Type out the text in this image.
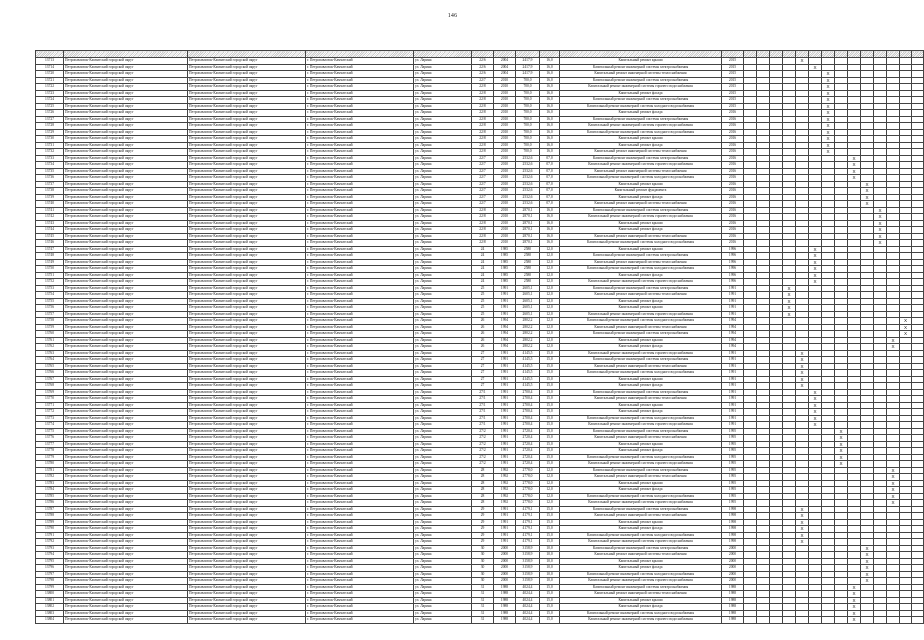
146

13713	Петропавловск-Камчатский городской округ	Петропавловск-Камчатский городской округ	г. Петропавловск-Камчатский	ул. Ларина	22/6	2004	2417,9	16,0	Капитальный ремонт крыши	2015					X									
13714	Петропавловск-Камчатский городской округ	Петропавловск-Камчатский городской округ	г. Петропавловск-Камчатский	ул. Ларина	22/6	2004	2417,9	16,0	Капитальный ремонт инженерной системы электроснабжения	2015						X								
13720	Петропавловск-Камчатский городской округ	Петропавловск-Камчатский городской округ	г. Петропавловск-Камчатский	ул. Ларина	22/6	2004	2417,9	16,0	Капитальный ремонт инженерной системы теплоснабжения	2015							X							
13721	Петропавловск-Камчатский городской округ	Петропавловск-Камчатский городской округ	г. Петропавловск-Камчатский	ул. Ларина	22/7	2010	700,0	16,0	Капитальный ремонт инженерной системы электроснабжения	2015							X							
13722	Петропавловск-Камчатский городской округ	Петропавловск-Камчатский городской округ	г. Петропавловск-Камчатский	ул. Ларина	22/8	2010	700,0	16,0	Капитальный ремонт инженерной системы горячего водоснабжения	2015							X							
13723	Петропавловск-Камчатский городской округ	Петропавловск-Камчатский городской округ	г. Петропавловск-Камчатский	ул. Ларина	22/8	2010	700,0	16,0	Капитальный ремонт фасада	2015							X							
13724	Петропавловск-Камчатский городской округ	Петропавловск-Камчатский городской округ	г. Петропавловск-Камчатский	ул. Ларина	22/8	2010	700,0	16,0	Капитальный ремонт инженерной системы электроснабжения	2015							X							
13725	Петропавловск-Камчатский городской округ	Петропавловск-Камчатский городской округ	г. Петропавловск-Камчатский	ул. Ларина	22/8	2010	700,0	16,0	Капитальный ремонт инженерной системы холодного водоснабжения	2015							X							
13726	Петропавловск-Камчатский городской округ	Петропавловск-Камчатский городской округ	г. Петропавловск-Камчатский	ул. Ларина	22/8	2010	700,0	16,0	Капитальный ремонт фасада	2016							X							
13727	Петропавловск-Камчатский городской округ	Петропавловск-Камчатский городской округ	г. Петропавловск-Камчатский	ул. Ларина	22/8	2010	700,0	16,0	Капитальный ремонт инженерной системы электроснабжения	2016							X							
13728	Петропавловск-Камчатский городской округ	Петропавловск-Камчатский городской округ	г. Петропавловск-Камчатский	ул. Ларина	22/8	2010	700,0	16,0	Капитальный ремонт инженерной системы горячего водоснабжения	2016							X							
13729	Петропавловск-Камчатский городской округ	Петропавловск-Камчатский городской округ	г. Петропавловск-Камчатский	ул. Ларина	22/8	2010	700,0	16,0	Капитальный ремонт инженерной системы холодного водоснабжения	2016							X							
13730	Петропавловск-Камчатский городской округ	Петропавловск-Камчатский городской округ	г. Петропавловск-Камчатский	ул. Ларина	22/8	2010	700,0	16,0	Капитальный ремонт крыши	2016							X							
13731	Петропавловск-Камчатский городской округ	Петропавловск-Камчатский городской округ	г. Петропавловск-Камчатский	ул. Ларина	22/8	2010	700,0	16,0	Капитальный ремонт фасада	2016							X							
13732	Петропавловск-Камчатский городской округ	Петропавловск-Камчатский городской округ	г. Петропавловск-Камчатский	ул. Ларина	22/8	2010	700,0	16,0	Капитальный ремонт инженерной системы теплоснабжения	2016							X							
13733	Петропавловск-Камчатский городской округ	Петропавловск-Камчатский городской округ	г. Петропавловск-Камчатский	ул. Ларина	22/7	2010	2532,6	07,0	Капитальный ремонт инженерной системы электроснабжения	2016									X					
13734	Петропавловск-Камчатский городской округ	Петропавловск-Камчатский городской округ	г. Петропавловск-Камчатский	ул. Ларина	22/7	2010	2532,6	07,0	Капитальный ремонт инженерной системы горячего водоснабжения	2016									X					
13735	Петропавловск-Камчатский городской округ	Петропавловск-Камчатский городской округ	г. Петропавловск-Камчатский	ул. Ларина	22/7	2010	2532,6	07,0	Капитальный ремонт инженерной системы теплоснабжения	2016									X					
13736	Петропавловск-Камчатский городской округ	Петропавловск-Камчатский городской округ	г. Петропавловск-Камчатский	ул. Ларина	22/7	2010	2532,6	07,0	Капитальный ремонт инженерной системы холодного водоснабжения	2016									X					
13737	Петропавловск-Камчатский городской округ	Петропавловск-Камчатский городской округ	г. Петропавловск-Камчатский	ул. Ларина	22/7	2010	2532,6	07,0	Капитальный ремонт крыши	2016										X				
13738	Петропавловск-Камчатский городской округ	Петропавловск-Камчатский городской округ	г. Петропавловск-Камчатский	ул. Ларина	22/7	2010	2532,6	07,0	Капитальный ремонт фундамента	2016										X				
13739	Петропавловск-Камчатский городской округ	Петропавловск-Камчатский городской округ	г. Петропавловск-Камчатский	ул. Ларина	22/7	2010	2532,6	07,0	Капитальный ремонт фасада	2016										X				
13740	Петропавловск-Камчатский городской округ	Петропавловск-Камчатский городской округ	г. Петропавловск-Камчатский	ул. Ларина	22/7	2010	2532,6	07,0	Капитальный ремонт инженерной системы теплоснабжения	2016										X				
13741	Петропавловск-Камчатский городской округ	Петропавловск-Камчатский городской округ	г. Петропавловск-Камчатский	ул. Ларина	22/8	2010	2870,1	16,0	Капитальный ремонт инженерной системы электроснабжения	2016											X			
13742	Петропавловск-Камчатский городской округ	Петропавловск-Камчатский городской округ	г. Петропавловск-Камчатский	ул. Ларина	22/8	2010	2870,1	16,0	Капитальный ремонт инженерной системы горячего водоснабжения	2016											X			
13743	Петропавловск-Камчатский городской округ	Петропавловск-Камчатский городской округ	г. Петропавловск-Камчатский	ул. Ларина	22/8	2010	2870,1	16,0	Капитальный ремонт крыши	2016											X			
13744	Петропавловск-Камчатский городской округ	Петропавловск-Камчатский городской округ	г. Петропавловск-Камчатский	ул. Ларина	22/8	2010	2870,1	16,0	Капитальный ремонт фасада	2016											X			
13745	Петропавловск-Камчатский городской округ	Петропавловск-Камчатский городской округ	г. Петропавловск-Камчатский	ул. Ларина	22/8	2010	2870,1	16,0	Капитальный ремонт инженерной системы теплоснабжения	2016											X			
13746	Петропавловск-Камчатский городской округ	Петропавловск-Камчатский городской округ	г. Петропавловск-Камчатский	ул. Ларина	22/8	2010	2870,1	16,0	Капитальный ремонт инженерной системы холодного водоснабжения	2016											X			
13747	Петропавловск-Камчатский городской округ	Петропавловск-Камчатский городской округ	г. Петропавловск-Камчатский	ул. Ларина	24	1985	2580	12,0	Капитальный ремонт крыши	1996						X								
13748	Петропавловск-Камчатский городской округ	Петропавловск-Камчатский городской округ	г. Петропавловск-Камчатский	ул. Ларина	24	1985	2580	12,0	Капитальный ремонт инженерной системы электроснабжения	1996						X								
13749	Петропавловск-Камчатский городской округ	Петропавловск-Камчатский городской округ	г. Петропавловск-Камчатский	ул. Ларина	24	1985	2580	12,0	Капитальный ремонт инженерной системы теплоснабжения	1996						X								
13750	Петропавловск-Камчатский городской округ	Петропавловск-Камчатский городской округ	г. Петропавловск-Камчатский	ул. Ларина	24	1985	2580	12,0	Капитальный ремонт инженерной системы холодного водоснабжения	1996						X								
13751	Петропавловск-Камчатский городской округ	Петропавловск-Камчатский городской округ	г. Петропавловск-Камчатский	ул. Ларина	24	1985	2580	12,0	Капитальный ремонт фасада	1996						X								
13752	Петропавловск-Камчатский городской округ	Петропавловск-Камчатский городской округ	г. Петропавловск-Камчатский	ул. Ларина	24	1985	2580	12,0	Капитальный ремонт инженерной системы горячего водоснабжения	1996						X								
13753	Петропавловск-Камчатский городской округ	Петропавловск-Камчатский городской округ	г. Петропавловск-Камчатский	ул. Ларина	25	1991	2605,1	12,0	Капитальный ремонт инженерной системы электроснабжения	1991				X										
13754	Петропавловск-Камчатский городской округ	Петропавловск-Камчатский городской округ	г. Петропавловск-Камчатский	ул. Ларина	25	1991	2605,1	12,0	Капитальный ремонт инженерной системы теплоснабжения	1991				X										
13755	Петропавловск-Камчатский городской округ	Петропавловск-Камчатский городской округ	г. Петропавловск-Камчатский	ул. Ларина	25	1991	2605,1	12,0	Капитальный ремонт фасада	1991				X										
13756	Петропавловск-Камчатский городской округ	Петропавловск-Камчатский городской округ	г. Петропавловск-Камчатский	ул. Ларина	25	1991	2605,1	12,0	Капитальный ремонт крыши	1991				X										
13757	Петропавловск-Камчатский городской округ	Петропавловск-Камчатский городской округ	г. Петропавловск-Камчатский	ул. Ларина	25	1991	2605,1	12,0	Капитальный ремонт инженерной системы горячего водоснабжения	1991				X										
13758	Петропавловск-Камчатский городской округ	Петропавловск-Камчатский городской округ	г. Петропавловск-Камчатский	ул. Ларина	26	1994	2802,2	12,0	Капитальный ремонт инженерной системы холодного водоснабжения	1994													X	
13759	Петропавловск-Камчатский городской округ	Петропавловск-Камчатский городской округ	г. Петропавловск-Камчатский	ул. Ларина	26	1994	2802,2	12,0	Капитальный ремонт инженерной системы теплоснабжения	1994													X	
13760	Петропавловск-Камчатский городской округ	Петропавловск-Камчатский городской округ	г. Петропавловск-Камчатский	ул. Ларина	26	1994	2802,2	12,0	Капитальный ремонт инженерной системы электроснабжения	1994													X	
13761	Петропавловск-Камчатский городской округ	Петропавловск-Камчатский городской округ	г. Петропавловск-Камчатский	ул. Ларина	26	1994	2802,2	12,0	Капитальный ремонт крыши	1994												X		
13762	Петропавловск-Камчатский городской округ	Петропавловск-Камчатский городской округ	г. Петропавловск-Камчатский	ул. Ларина	26	1994	2802,2	12,0	Капитальный ремонт фасада	1994												X		
13763	Петропавловск-Камчатский городской округ	Петропавловск-Камчатский городской округ	г. Петропавловск-Камчатский	ул. Ларина	27	1991	4145,5	15,0	Капитальный ремонт инженерной системы горячего водоснабжения	1991					X									
13764	Петропавловск-Камчатский городской округ	Петропавловск-Камчатский городской округ	г. Петропавловск-Камчатский	ул. Ларина	27	1991	4145,5	15,0	Капитальный ремонт инженерной системы электроснабжения	1991					X									
13765	Петропавловск-Камчатский городской округ	Петропавловск-Камчатский городской округ	г. Петропавловск-Камчатский	ул. Ларина	27	1991	4145,5	15,0	Капитальный ремонт инженерной системы теплоснабжения	1991					X									
13766	Петропавловск-Камчатский городской округ	Петропавловск-Камчатский городской округ	г. Петропавловск-Камчатский	ул. Ларина	27	1991	4145,5	15,0	Капитальный ремонт инженерной системы холодного водоснабжения	1991					X									
13767	Петропавловск-Камчатский городской округ	Петропавловск-Камчатский городской округ	г. Петропавловск-Камчатский	ул. Ларина	27	1991	4145,5	15,0	Капитальный ремонт крыши	1991					X									
13768	Петропавловск-Камчатский городской округ	Петропавловск-Камчатский городской округ	г. Петропавловск-Камчатский	ул. Ларина	27	1991	4145,5	15,0	Капитальный ремонт фасада	1991					X									
13769	Петропавловск-Камчатский городской округ	Петропавловск-Камчатский городской округ	г. Петропавловск-Камчатский	ул. Ларина	27/1	1991	2700,4	15,0	Капитальный ремонт инженерной системы электроснабжения	1991						X								
13770	Петропавловск-Камчатский городской округ	Петропавловск-Камчатский городской округ	г. Петропавловск-Камчатский	ул. Ларина	27/1	1991	2700,4	15,0	Капитальный ремонт инженерной системы теплоснабжения	1991						X								
13771	Петропавловск-Камчатский городской округ	Петропавловск-Камчатский городской округ	г. Петропавловск-Камчатский	ул. Ларина	27/1	1991	2700,4	15,0	Капитальный ремонт крыши	1991						X								
13772	Петропавловск-Камчатский городской округ	Петропавловск-Камчатский городской округ	г. Петропавловск-Камчатский	ул. Ларина	27/1	1991	2700,4	15,0	Капитальный ремонт фасада	1991						X								
13773	Петропавловск-Камчатский городской округ	Петропавловск-Камчатский городской округ	г. Петропавловск-Камчатский	ул. Ларина	27/1	1991	2700,4	15,0	Капитальный ремонт инженерной системы холодного водоснабжения	1991						X								
13774	Петропавловск-Камчатский городской округ	Петропавловск-Камчатский городской округ	г. Петропавловск-Камчатский	ул. Ларина	27/1	1991	2700,4	15,0	Капитальный ремонт инженерной системы горячего водоснабжения	1991						X								
13775	Петропавловск-Камчатский городской округ	Петропавловск-Камчатский городской округ	г. Петропавловск-Камчатский	ул. Ларина	27/2	1991	2720,4	15,0	Капитальный ремонт инженерной системы электроснабжения	1995								X						
13776	Петропавловск-Камчатский городской округ	Петропавловск-Камчатский городской округ	г. Петропавловск-Камчатский	ул. Ларина	27/2	1991	2720,4	15,0	Капитальный ремонт инженерной системы теплоснабжения	1995								X						
13777	Петропавловск-Камчатский городской округ	Петропавловск-Камчатский городской округ	г. Петропавловск-Камчатский	ул. Ларина	27/2	1991	2720,4	15,0	Капитальный ремонт крыши	1995								X						
13778	Петропавловск-Камчатский городской округ	Петропавловск-Камчатский городской округ	г. Петропавловск-Камчатский	ул. Ларина	27/2	1991	2720,4	15,0	Капитальный ремонт фасада	1995								X						
13779	Петропавловск-Камчатский городской округ	Петропавловск-Камчатский городской округ	г. Петропавловск-Камчатский	ул. Ларина	27/2	1991	2720,4	15,0	Капитальный ремонт инженерной системы холодного водоснабжения	1995								X						
13780	Петропавловск-Камчатский городской округ	Петропавловск-Камчатский городской округ	г. Петропавловск-Камчатский	ул. Ларина	27/2	1991	2720,4	15,0	Капитальный ремонт инженерной системы горячего водоснабжения	1995								X						
13781	Петропавловск-Камчатский городской округ	Петропавловск-Камчатский городской округ	г. Петропавловск-Камчатский	ул. Ларина	28	1992	2778,0	12,0	Капитальный ремонт инженерной системы электроснабжения	1995												X		
13782	Петропавловск-Камчатский городской округ	Петропавловск-Камчатский городской округ	г. Петропавловск-Камчатский	ул. Ларина	28	1992	2778,0	12,0	Капитальный ремонт инженерной системы теплоснабжения	1995												X		
13783	Петропавловск-Камчатский городской округ	Петропавловск-Камчатский городской округ	г. Петропавловск-Камчатский	ул. Ларина	28	1992	2778,0	12,0	Капитальный ремонт крыши	1995												X		
13784	Петропавловск-Камчатский городской округ	Петропавловск-Камчатский городской округ	г. Петропавловск-Камчатский	ул. Ларина	28	1992	2778,0	12,0	Капитальный ремонт фасада	1995												X		
13785	Петропавловск-Камчатский городской округ	Петропавловск-Камчатский городской округ	г. Петропавловск-Камчатский	ул. Ларина	28	1992	2778,0	12,0	Капитальный ремонт инженерной системы холодного водоснабжения	1995												X		
13786	Петропавловск-Камчатский городской округ	Петропавловск-Камчатский городской округ	г. Петропавловск-Камчатский	ул. Ларина	28	1992	2778,0	12,0	Капитальный ремонт инженерной системы горячего водоснабжения	1995												X		
13787	Петропавловск-Камчатский городской округ	Петропавловск-Камчатский городской округ	г. Петропавловск-Камчатский	ул. Ларина	29	1991	4179,1	15,0	Капитальный ремонт инженерной системы электроснабжения	1998					X									
13788	Петропавловск-Камчатский городской округ	Петропавловск-Камчатский городской округ	г. Петропавловск-Камчатский	ул. Ларина	29	1991	4179,1	15,0	Капитальный ремонт инженерной системы теплоснабжения	1998					X									
13789	Петропавловск-Камчатский городской округ	Петропавловск-Камчатский городской округ	г. Петропавловск-Камчатский	ул. Ларина	29	1991	4179,1	15,0	Капитальный ремонт крыши	1998					X									
13790	Петропавловск-Камчатский городской округ	Петропавловск-Камчатский городской округ	г. Петропавловск-Камчатский	ул. Ларина	29	1991	4179,1	15,0	Капитальный ремонт фасада	1998					X									
13791	Петропавловск-Камчатский городской округ	Петропавловск-Камчатский городской округ	г. Петропавловск-Камчатский	ул. Ларина	29	1991	4179,1	15,0	Капитальный ремонт инженерной системы холодного водоснабжения	1998					X									
13792	Петропавловск-Камчатский городской округ	Петропавловск-Камчатский городской округ	г. Петропавловск-Камчатский	ул. Ларина	29	1991	4179,1	15,0	Капитальный ремонт инженерной системы горячего водоснабжения	1998					X									
13793	Петропавловск-Камчатский городской округ	Петропавловск-Камчатский городской округ	г. Петропавловск-Камчатский	ул. Ларина	30	2000	3158,9	10,0	Капитальный ремонт инженерной системы электроснабжения	2000										X				
13794	Петропавловск-Камчатский городской округ	Петропавловск-Камчатский городской округ	г. Петропавловск-Камчатский	ул. Ларина	30	2000	3158,9	10,0	Капитальный ремонт инженерной системы теплоснабжения	2000										X				
13795	Петропавловск-Камчатский городской округ	Петропавловск-Камчатский городской округ	г. Петропавловск-Камчатский	ул. Ларина	30	2000	3158,9	10,0	Капитальный ремонт крыши	2000										X				
13796	Петропавловск-Камчатский городской округ	Петропавловск-Камчатский городской округ	г. Петропавловск-Камчатский	ул. Ларина	30	2000	3158,9	10,0	Капитальный ремонт фасада	2000										X				
13797	Петропавловск-Камчатский городской округ	Петропавловск-Камчатский городской округ	г. Петропавловск-Камчатский	ул. Ларина	30	2000	3158,9	10,0	Капитальный ремонт инженерной системы холодного водоснабжения	2000										X				
13798	Петропавловск-Камчатский городской округ	Петропавловск-Камчатский городской округ	г. Петропавловск-Камчатский	ул. Ларина	30	2000	3158,9	10,0	Капитальный ремонт инженерной системы горячего водоснабжения	2000										X				
13799	Петропавловск-Камчатский городской округ	Петропавловск-Камчатский городской округ	г. Петропавловск-Камчатский	ул. Ларина	31	1988	4024,4	15,0	Капитальный ремонт инженерной системы электроснабжения	1988									X					
13800	Петропавловск-Камчатский городской округ	Петропавловск-Камчатский городской округ	г. Петропавловск-Камчатский	ул. Ларина	31	1988	4024,4	15,0	Капитальный ремонт инженерной системы теплоснабжения	1988									X					
13801	Петропавловск-Камчатский городской округ	Петропавловск-Камчатский городской округ	г. Петропавловск-Камчатский	ул. Ларина	31	1988	4024,4	15,0	Капитальный ремонт крыши	1988									X					
13802	Петропавловск-Камчатский городской округ	Петропавловск-Камчатский городской округ	г. Петропавловск-Камчатский	ул. Ларина	31	1988	4024,4	15,0	Капитальный ремонт фасада	1988									X					
13803	Петропавловск-Камчатский городской округ	Петропавловск-Камчатский городской округ	г. Петропавловск-Камчатский	ул. Ларина	31	1988	4024,4	15,0	Капитальный ремонт инженерной системы холодного водоснабжения	1988									X					
13804	Петропавловск-Камчатский городской округ	Петропавловск-Камчатский городской округ	г. Петропавловск-Камчатский	ул. Ларина	31	1988	4024,4	15,0	Капитальный ремонт инженерной системы горячего водоснабжения	1988									X					
